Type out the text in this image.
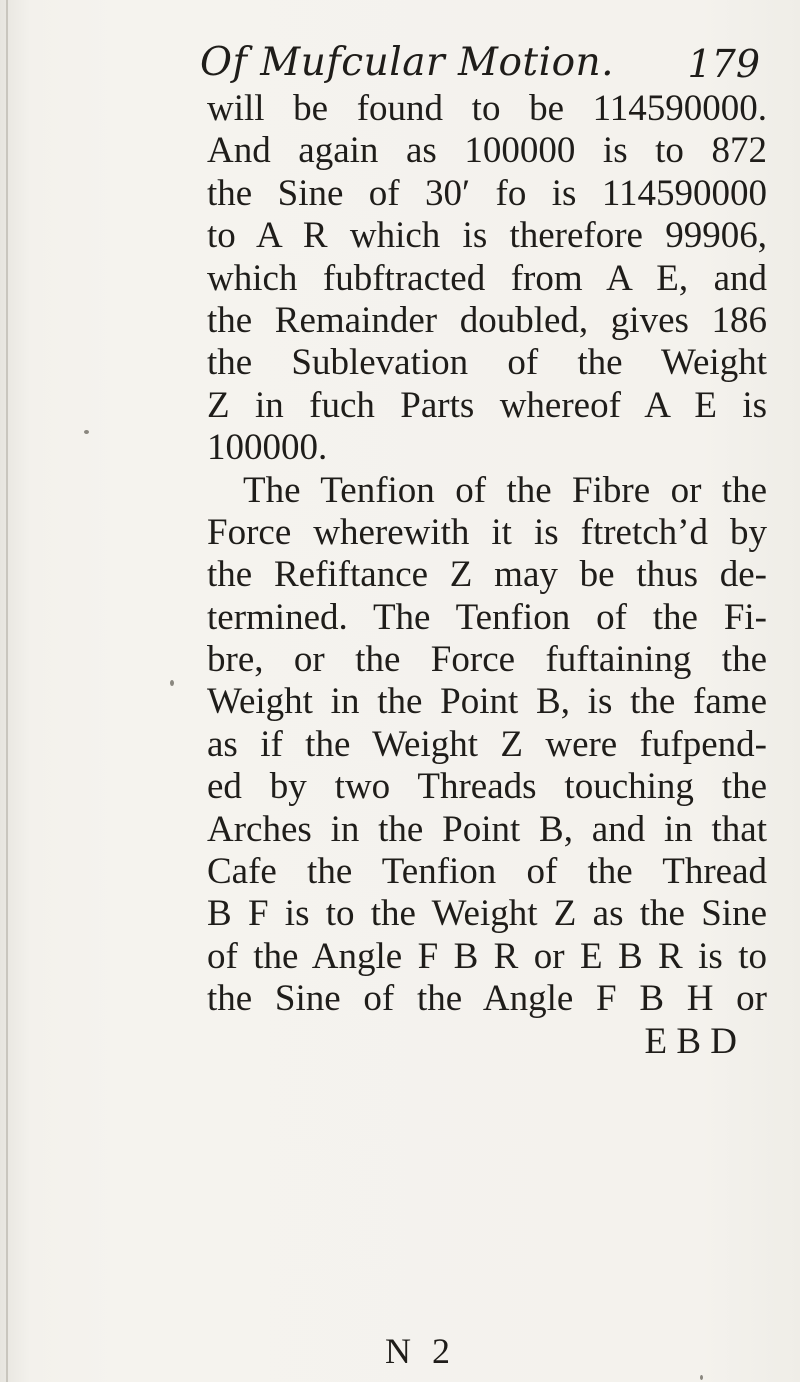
Of Mufcular Motion. 179
will be found to be 114590000.
And again as 100000 is to 872
the Sine of 30′ fo is 114590000
to A R which is therefore 99906,
which fubftracted from A E, and
the Remainder doubled, gives 186
the Sublevation of the Weight
Z in fuch Parts whereof A E is
100000.
The Tenfion of the Fibre or the
Force wherewith it is ftretch’d by
the Refiftance Z may be thus de-
termined. The Tenfion of the Fi-
bre, or the Force fuftaining the
Weight in the Point B, is the fame
as if the Weight Z were fufpend-
ed by two Threads touching the
Arches in the Point B, and in that
Cafe the Tenfion of the Thread
B F is to the Weight Z as the Sine
of the Angle F B R or E B R is to
the Sine of the Angle F B H or
E B D
N 2
